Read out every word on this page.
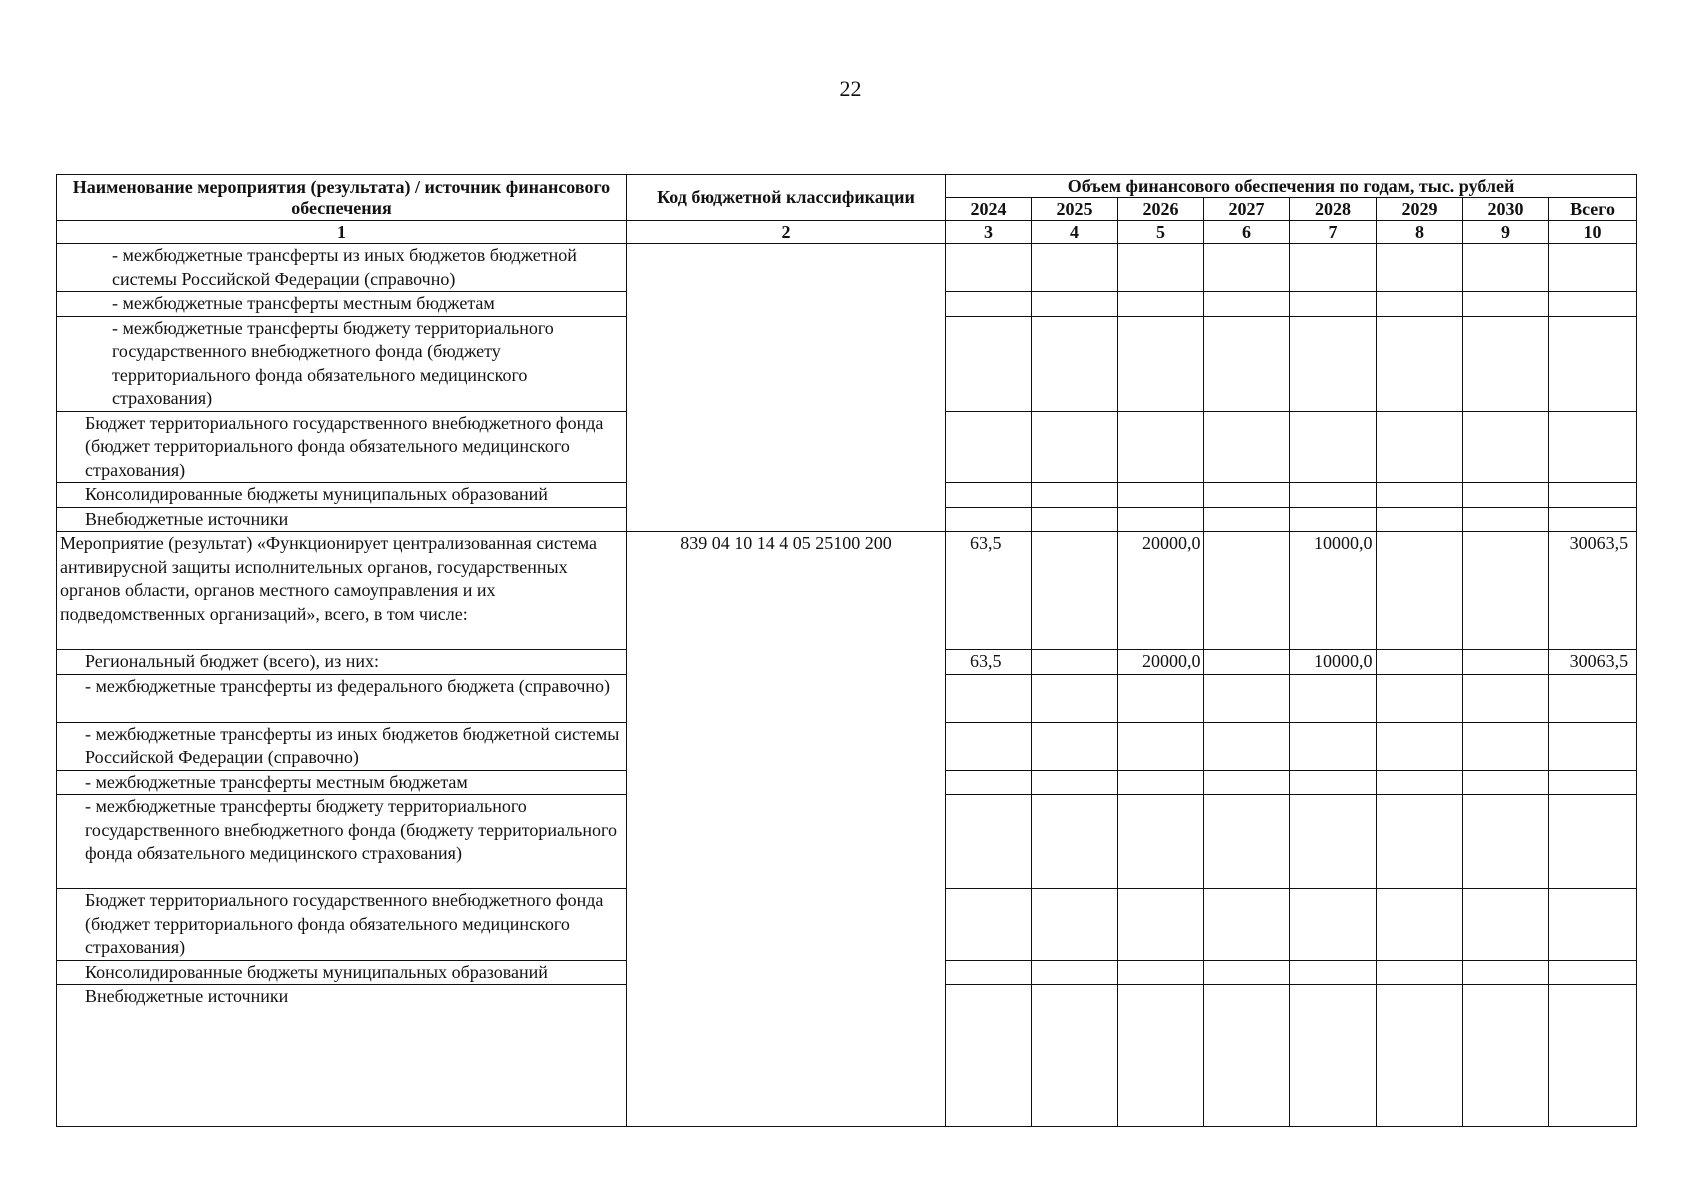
22
Наименование мероприятия (результата) / источник финансового обеспечения	Код бюджетной классификации	Объем финансового обеспечения по годам, тыс. рублей							
		2024	2025	2026	2027	2028	2029	2030	Всего
1	2	3	4	5	6	7	8	9	10
- межбюджетные трансферты из иных бюджетов бюджетной системы Российской Федерации (справочно)									
- межбюджетные трансферты местным бюджетам									
- межбюджетные трансферты бюджету территориального государственного внебюджетного фонда (бюджету территориального фонда обязательного медицинского страхования)									
Бюджет территориального государственного внебюджетного фонда (бюджет территориального фонда обязательного медицинского страхования)									
Консолидированные бюджеты муниципальных образований									
Внебюджетные источники									
Мероприятие (результат) «Функционирует централизованная система антивирусной защиты исполнительных органов, государственных органов области, органов местного самоуправления и их подведомственных организаций», всего, в том числе:	839 04 10 14 4 05 25100 200	63,5		20000,0		10000,0			30063,5
Региональный бюджет (всего), из них:		63,5		20000,0		10000,0			30063,5
- межбюджетные трансферты из федерального бюджета (справочно)									
- межбюджетные трансферты из иных бюджетов бюджетной системы Российской Федерации (справочно)									
- межбюджетные трансферты местным бюджетам									
- межбюджетные трансферты бюджету территориального государственного внебюджетного фонда (бюджету территориального фонда обязательного медицинского страхования)									
Бюджет территориального государственного внебюджетного фонда (бюджет территориального фонда обязательного медицинского страхования)									
Консолидированные бюджеты муниципальных образований									
Внебюджетные источники									
